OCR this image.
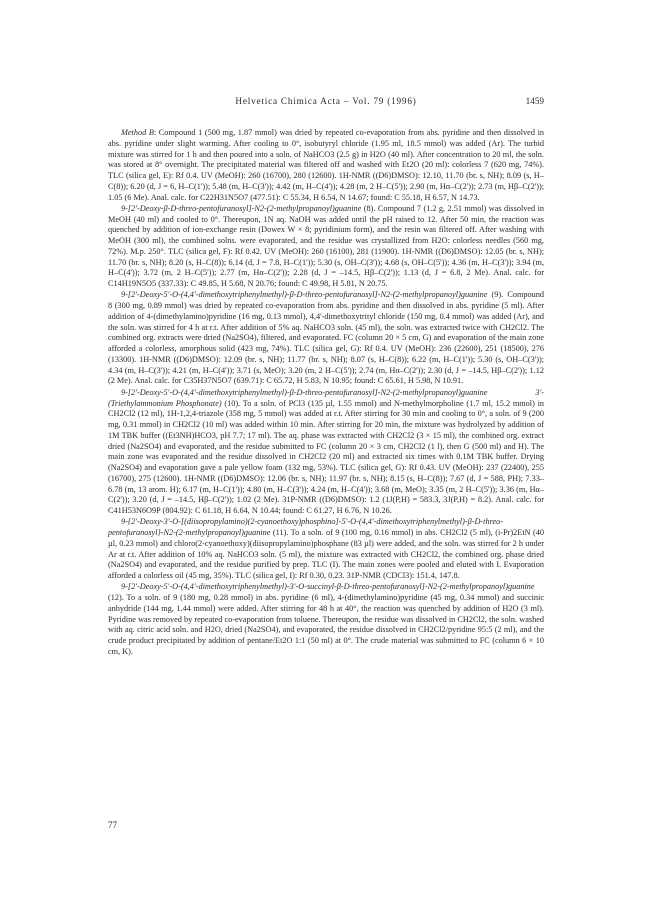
Helvetica Chimica Acta – Vol. 79 (1996)	1459

Method B: Compound 1 (500 mg, 1.87 mmol) was dried by repeated co-evaporation from abs. pyridine and then dissolved in abs. pyridine under slight warming. After cooling to 0°, isobutyryl chloride (1.95 ml, 18.5 mmol) was added (Ar). The turbid mixture was stirred for 1 h and then poured into a soln. of NaHCO3 (2.5 g) in H2O (40 ml). After concentration to 20 ml, the soln. was stored at 8° overnight. The precipitated material was filtered off and washed with Et2O (20 ml): colorless 7 (620 mg, 74%). TLC (silica gel, E): Rf 0.4. UV (MeOH): 260 (16700), 280 (12600). 1H-NMR ((D6)DMSO): 12.10, 11.70 (br. s, NH); 8.09 (s, H–C(8)); 6.20 (d, J = 6, H–C(1')); 5.48 (m, H–C(3')); 4.42 (m, H–C(4')); 4.28 (m, 2 H–C(5')); 2.90 (m, Hα–C(2')); 2.73 (m, Hβ–C(2')); 1.05 (6 Me). Anal. calc. for C22H31N5O7 (477.51): C 55.34, H 6.54, N 14.67; found: C 55.18, H 6.57, N 14.73.

9-[2'-Deoxy-β-D-threo-pentofuranosyl]-N2-(2-methylpropanoyl)guanine (8). Compound 7 (1.2 g, 2.51 mmol) was dissolved in MeOH (40 ml) and cooled to 0°. Thereupon, 1N aq. NaOH was added until the pH raised to 12. After 50 min, the reaction was quenched by addition of ion-exchange resin (Dowex W × 8; pyridinium form), and the resin was filtered off. After washing with MeOH (300 ml), the combined solns. were evaporated, and the residue was crystallized from H2O: colorless needles (560 mg, 72%). M.p. 250°. TLC (silica gel, F): Rf 0.42. UV (MeOH): 260 (16100), 281 (11900). 1H-NMR ((D6)DMSO): 12.05 (br. s, NH); 11.70 (br. s, NH); 8.20 (s, H–C(8)); 6.14 (d, J = 7.8, H–C(1')); 5.30 (s, OH–C(3')); 4.68 (s, OH–C(5')); 4.36 (m, H–C(3')); 3.94 (m, H–C(4')); 3.72 (m, 2 H–C(5')); 2.77 (m, Hα–C(2')); 2.28 (d, J = –14.5, Hβ–C(2')); 1.13 (d, J = 6.8, 2 Me). Anal. calc. for C14H19N5O5 (337.33): C 49.85, H 5.68, N 20.76; found: C 49.98, H 5.81, N 20.75.

9-[2'-Deoxy-5'-O-(4,4'-dimethoxytriphenylmethyl)-β-D-threo-pentofuranosyl]-N2-(2-methylpropanoyl)guanine (9). Compound 8 (300 mg, 0.89 mmol) was dried by repeated co-evaporation from abs. pyridine and then dissolved in abs. pyridine (5 ml). After addition of 4-(dimethylamino)pyridine (16 mg, 0.13 mmol), 4,4'-dimethoxytrityl chloride (150 mg, 0.4 mmol) was added (Ar), and the soln. was stirred for 4 h at r.t. After addition of 5% aq. NaHCO3 soln. (45 ml), the soln. was extracted twice with CH2Cl2. The combined org. extracts were dried (Na2SO4), filtered, and evaporated. FC (column 20 × 5 cm, G) and evaporation of the main zone afforded a colorless, amorphous solid (423 mg, 74%). TLC (silica gel, G): Rf 0.4. UV (MeOH): 236 (22600), 251 (18500), 276 (13300). 1H-NMR ((D6)DMSO): 12.09 (br. s, NH); 11.77 (br. s, NH); 8.07 (s, H–C(8)); 6.22 (m, H–C(1')); 5.30 (s, OH–C(3')); 4.34 (m, H–C(3')); 4.21 (m, H–C(4')); 3.71 (s, MeO); 3.20 (m, 2 H–C(5')); 2.74 (m, Hα–C(2')); 2.30 (d, J = –14.5, Hβ–C(2')); 1.12 (2 Me). Anal. calc. for C35H37N5O7 (639.71): C 65.72, H 5.83, N 10.95; found: C 65.61, H 5.98, N 10.91.

9-[2'-Deoxy-5'-O-(4,4'-dimethoxytriphenylmethyl)-β-D-threo-pentofuranosyl]-N2-(2-methylpropanoyl)guanine 3'-(Triethylammonium Phosphonate) (10). To a soln. of PCl3 (135 µl, 1.55 mmol) and N-methylmorpholine (1.7 ml, 15.2 mmol) in CH2Cl2 (12 ml), 1H-1,2,4-triazole (358 mg, 5 mmol) was added at r.t. After stirring for 30 min and cooling to 0°, a soln. of 9 (200 mg, 0.31 mmol) in CH2Cl2 (10 ml) was added within 10 min. After stirring for 20 min, the mixture was hydrolyzed by addition of 1M TBK buffer ((Et3NH)HCO3, pH 7.7; 17 ml). The aq. phase was extracted with CH2Cl2 (3 × 15 ml), the combined org. extract dried (Na2SO4) and evaporated, and the residue submitted to FC (column 20 × 3 cm, CH2Cl2 (1 l), then G (500 ml) and H). The main zone was evaporated and the residue dissolved in CH2Cl2 (20 ml) and extracted six times with 0.1M TBK buffer. Drying (Na2SO4) and evaporation gave a pale yellow foam (132 mg, 53%). TLC (silica gel, G): Rf 0.43. UV (MeOH): 237 (22400), 255 (16700), 275 (12600). 1H-NMR ((D6)DMSO): 12.06 (br. s, NH); 11.97 (br. s, NH); 8.15 (s, H–C(8)); 7.67 (d, J = 588, PH); 7.33–6.78 (m, 13 arom. H); 6.17 (m, H–C(1')); 4.80 (m, H–C(3')); 4.24 (m, H–C(4')); 3.68 (m, MeO); 3.35 (m, 2 H–C(5')); 3.36 (m, Hα–C(2')); 3.20 (d, J = –14.5, Hβ–C(2')); 1.02 (2 Me). 31P-NMR ((D6)DMSO): 1.2 (1J(P,H) = 583.3, 3J(P,H) = 8.2). Anal. calc. for C41H53N6O9P (804.92): C 61.18, H 6.64, N 10.44; found: C 61.27, H 6.76, N 10.26.

9-{2'-Deoxy-3'-O-[(diisopropylamino)(2-cyanoethoxy)phosphino]-5'-O-(4,4'-dimethoxytriphenylmethyl)-β-D-threo-pentofuranosyl}-N2-(2-methylpropanoyl)guanine (11). To a soln. of 9 (100 mg, 0.16 mmol) in abs. CH2Cl2 (5 ml), (i-Pr)2EtN (40 µl, 0.23 mmol) and chloro(2-cyanoethoxy)(diisopropylamino)phosphane (83 µl) were added, and the soln. was stirred for 2 h under Ar at r.t. After addition of 10% aq. NaHCO3 soln. (5 ml), the mixture was extracted with CH2Cl2, the combined org. phase dried (Na2SO4) and evaporated, and the residue purified by prep. TLC (I). The main zones were pooled and eluted with I. Evaporation afforded a colorless oil (45 mg, 35%). TLC (silica gel, I): Rf 0.30, 0.23. 31P-NMR (CDCl3): 151.4, 147.8.

9-[2'-Deoxy-5'-O-(4,4'-dimethoxytriphenylmethyl)-3'-O-succinyl-β-D-threo-pentofuranosyl]-N2-(2-methylpropanoyl)guanine (12). To a soln. of 9 (180 mg, 0.28 mmol) in abs. pyridine (6 ml), 4-(dimethylamino)pyridine (45 mg, 0.34 mmol) and succinic anhydride (144 mg, 1.44 mmol) were added. After stirring for 48 h at 40°, the reaction was quenched by addition of H2O (3 ml). Pyridine was removed by repeated co-evaporation from toluene. Thereupon, the residue was dissolved in CH2Cl2, the soln. washed with aq. citric acid soln. and H2O, dried (Na2SO4), and evaporated, the residue dissolved in CH2Cl2/pyridine 95:5 (2 ml), and the crude product precipitated by addition of pentane/Et2O 1:1 (50 ml) at 0°. The crude material was submitted to FC (column 6 × 10 cm, K).

77
